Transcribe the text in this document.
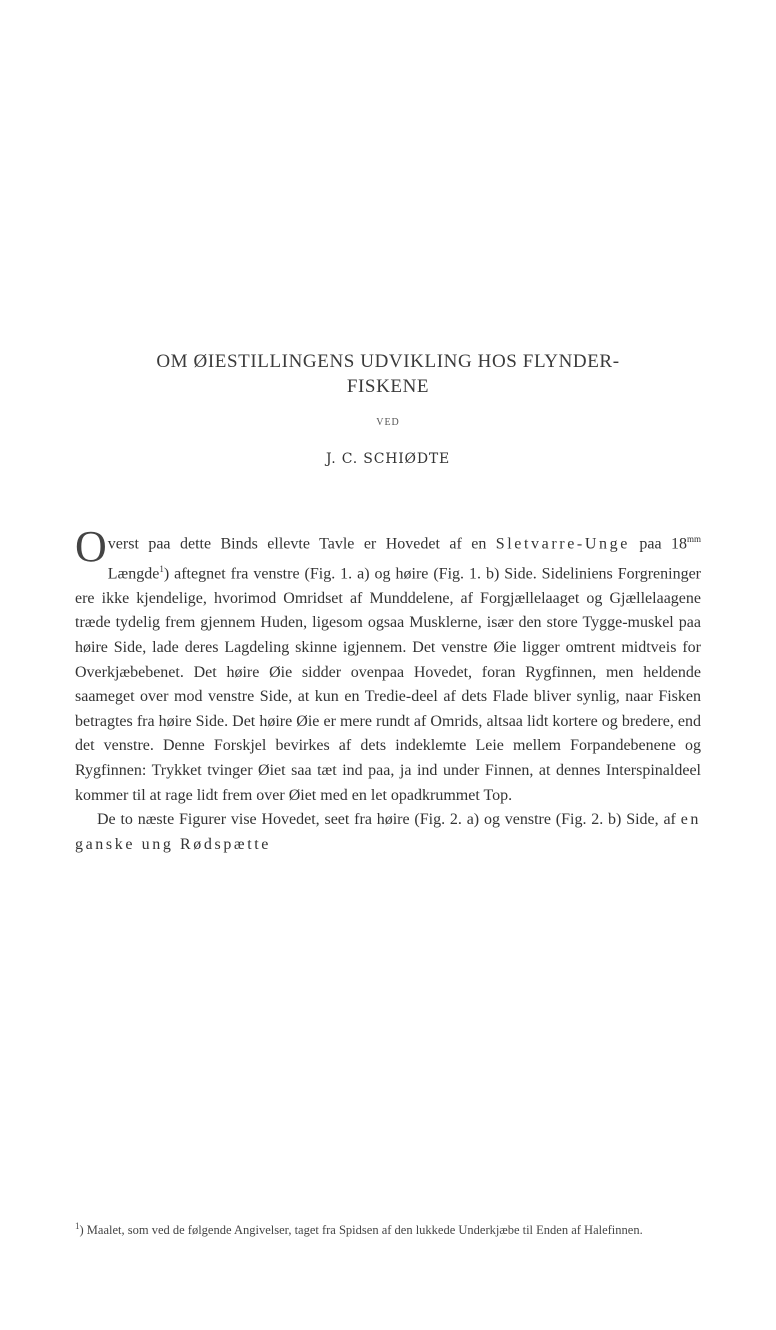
OM ØIESTILLINGENS UDVIKLING HOS FLYNDER-
FISKENE
VED
J. C. SCHIØDTE

Overst paa dette Binds ellevte Tavle er Hovedet af en Sletvarre-Unge paa $18^{mm}$ Længde$^1$) aftegnet fra venstre (Fig. 1. a) og høire (Fig. 1. b) Side. Sideliniens Forgreninger ere ikke kjendelige, hvorimod Omridset af Munddelene, af Forgjællelaaget og Gjællelaagene træde tydelig frem gjennem Huden, ligesom ogsaa Musklerne, især den store Tygge-muskel paa høire Side, lade deres Lagdeling skinne igjennem. Det venstre Øie ligger omtrent midtveis for Overkjæbebenet. Det høire Øie sidder ovenpaa Hovedet, foran Rygfinnen, men heldende saameget over mod venstre Side, at kun en Tredie-deel af dets Flade bliver synlig, naar Fisken betragtes fra høire Side. Det høire Øie er mere rundt af Omrids, altsaa lidt kortere og bredere, end det venstre. Denne Forskjel bevirkes af dets indeklemte Leie mellem Forpandebenene og Rygfinnen: Trykket tvinger Øiet saa tæt ind paa, ja ind under Finnen, at dennes Interspinaldeel kommer til at rage lidt frem over Øiet med en let opadkrummet Top.

De to næste Figurer vise Hovedet, seet fra høire (Fig. 2. a) og venstre (Fig. 2. b) Side, af en ganske ung Rødspætte

$^1$) Maalet, som ved de følgende Angivelser, taget fra Spidsen af den lukkede Underkjæbe til Enden af Halefinnen.
